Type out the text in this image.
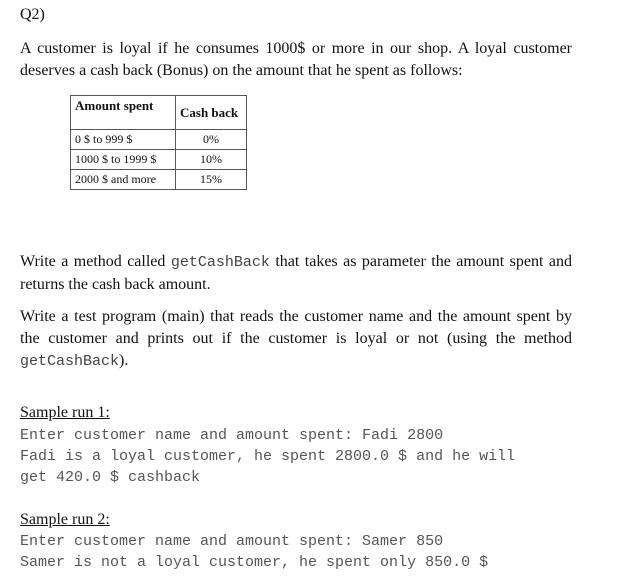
Q2)
A customer is loyal if he consumes 1000$ or more in our shop. A loyal customer deserves a cash back (Bonus) on the amount that he spent as follows:
Amount spent	Cash back
0 $ to 999 $	0%
1000 $ to 1999 $	10%
2000 $ and more	15%
Write a method called getCashBack that takes as parameter the amount spent and returns the cash back amount.
Write a test program (main) that reads the customer name and the amount spent by the customer and prints out if the customer is loyal or not (using the method getCashBack).
Sample run 1:
Enter customer name and amount spent: Fadi 2800
Fadi is a loyal customer, he spent 2800.0 $ and he will
get 420.0 $ cashback
Sample run 2:
Enter customer name and amount spent: Samer 850
Samer is not a loyal customer, he spent only 850.0 $
